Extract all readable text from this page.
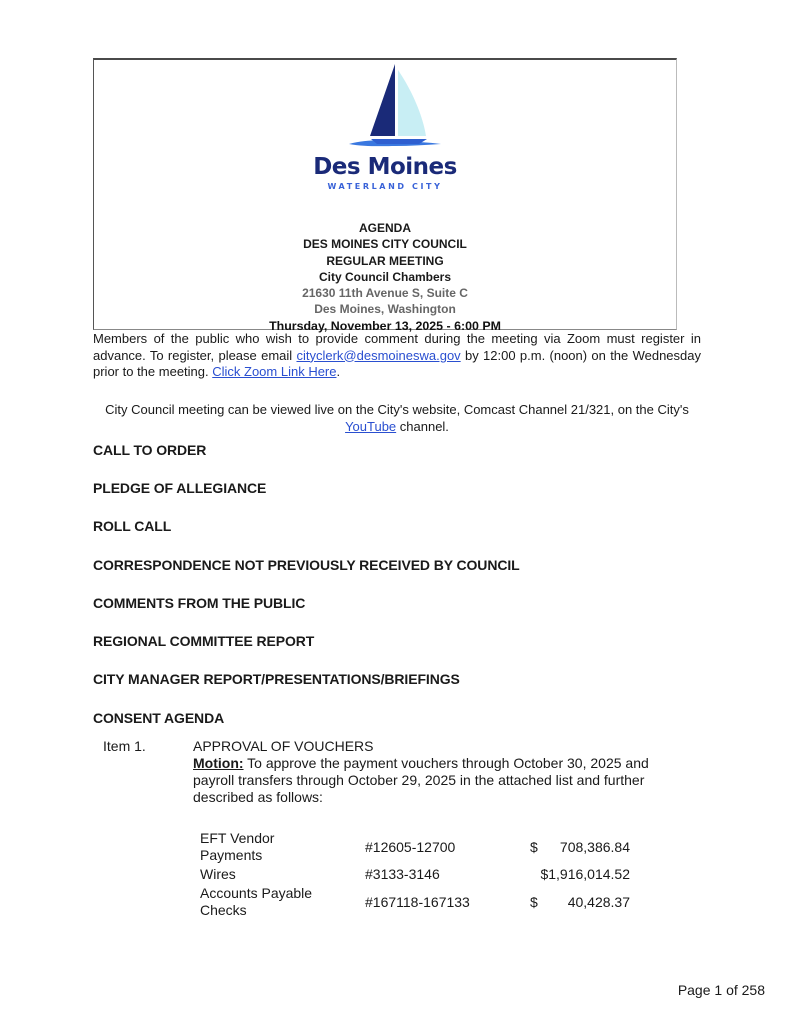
Des Moines
WATERLAND CITY
AGENDA
DES MOINES CITY COUNCIL
REGULAR MEETING
City Council Chambers
21630 11th Avenue S, Suite C
Des Moines, Washington
Thursday, November 13, 2025 - 6:00 PM
Members of the public who wish to provide comment during the meeting via Zoom must register in advance. To register, please email cityclerk@desmoineswa.gov by 12:00 p.m. (noon) on the Wednesday prior to the meeting. Click Zoom Link Here.
City Council meeting can be viewed live on the City's website, Comcast Channel 21/321, on the City's YouTube channel.
CALL TO ORDER
PLEDGE OF ALLEGIANCE
ROLL CALL
CORRESPONDENCE NOT PREVIOUSLY RECEIVED BY COUNCIL
COMMENTS FROM THE PUBLIC
REGIONAL COMMITTEE REPORT
CITY MANAGER REPORT/PRESENTATIONS/BRIEFINGS
CONSENT AGENDA
Item 1.	APPROVAL OF VOUCHERS
Motion: To approve the payment vouchers through October 30, 2025 and payroll transfers through October 29, 2025 in the attached list and further described as follows:
EFT Vendor Payments	#12605-12700	$ 708,386.84
Wires	#3133-3146	$1,916,014.52
Accounts Payable Checks	#167118-167133	$ 40,428.37
Page 1 of 258
